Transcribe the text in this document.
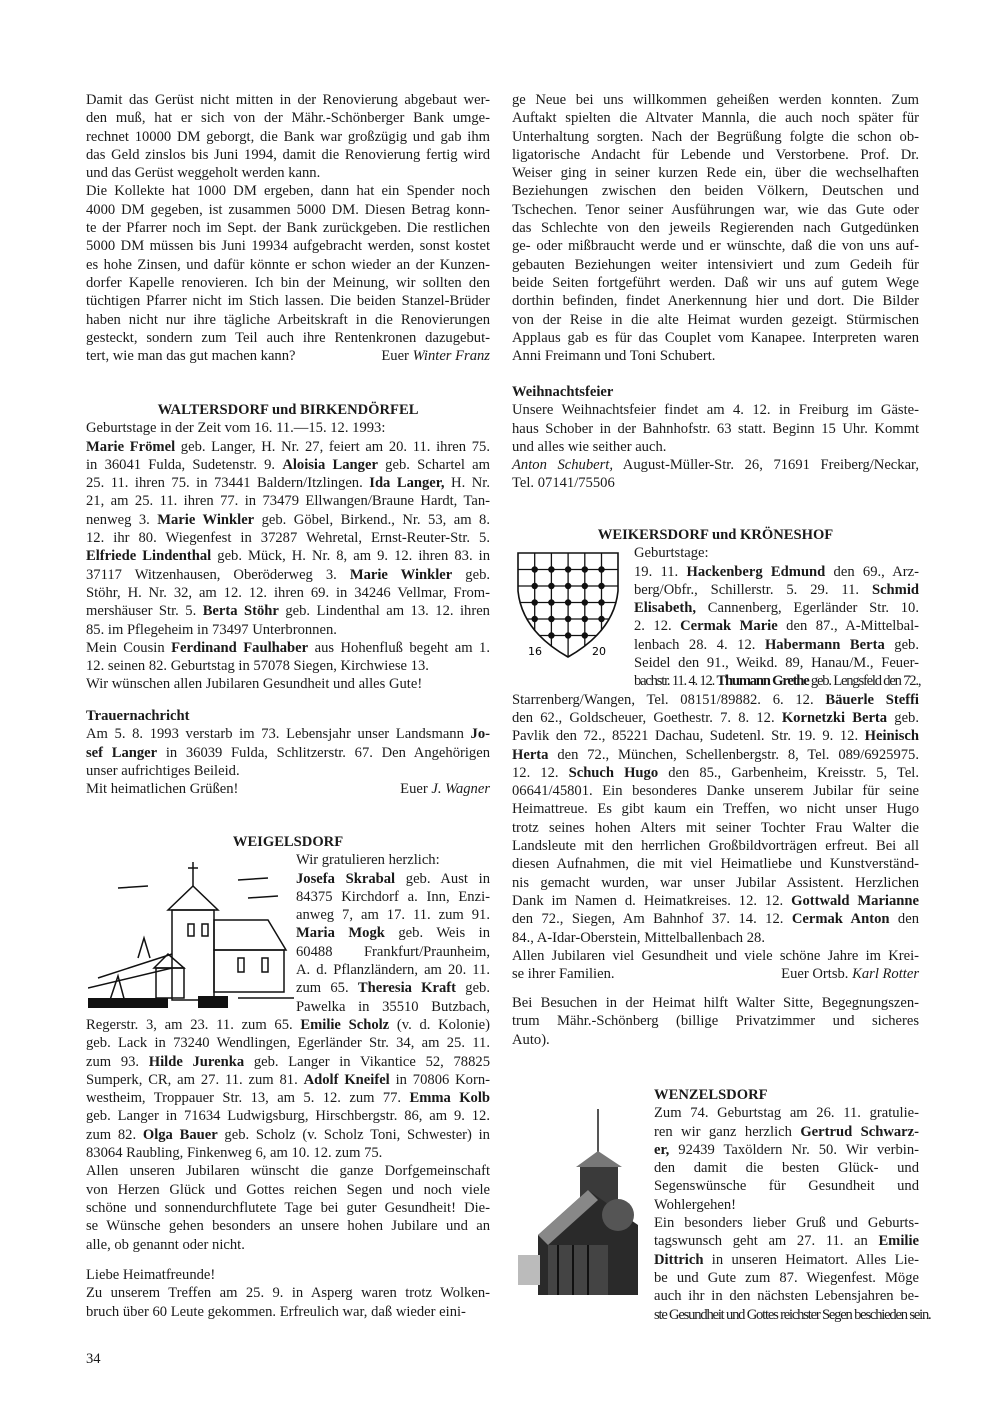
Damit das Gerüst nicht mitten in der Renovierung abgebaut wer-
den muß, hat er sich von der Mähr.-Schönberger Bank umge-
rechnet 10000 DM geborgt, die Bank war großzügig und gab ihm
das Geld zinslos bis Juni 1994, damit die Renovierung fertig wird
und das Gerüst weggeholt werden kann.
Die Kollekte hat 1000 DM ergeben, dann hat ein Spender noch
4000 DM gegeben, ist zusammen 5000 DM. Diesen Betrag konn-
te der Pfarrer noch im Sept. der Bank zurückgeben. Die restlichen
5000 DM müssen bis Juni 19934 aufgebracht werden, sonst kostet
es hohe Zinsen, und dafür könnte er schon wieder an der Kunzen-
dorfer Kapelle renovieren. Ich bin der Meinung, wir sollten den
tüchtigen Pfarrer nicht im Stich lassen. Die beiden Stanzel-Brüder
haben nicht nur ihre tägliche Arbeitskraft in die Renovierungen
gesteckt, sondern zum Teil auch ihre Rentenkronen dazugebut-
tert, wie man das gut machen kann?	Euer Winter Franz
WALTERSDORF und BIRKENDÖRFEL
Geburtstage in der Zeit vom 16. 11.—15. 12. 1993:
Marie Frömel geb. Langer, H. Nr. 27, feiert am 20. 11. ihren 75.
in 36041 Fulda, Sudetenstr. 9. Aloisia Langer geb. Schartel am
25. 11. ihren 75. in 73441 Baldern/Itzlingen. Ida Langer, H. Nr.
21, am 25. 11. ihren 77. in 73479 Ellwangen/Braune Hardt, Tan-
nenweg 3. Marie Winkler geb. Göbel, Birkend., Nr. 53, am 8.
12. ihr 80. Wiegenfest in 37287 Wehretal, Ernst-Reuter-Str. 5.
Elfriede Lindenthal geb. Mück, H. Nr. 8, am 9. 12. ihren 83. in
37117 Witzenhausen, Oberöderweg 3. Marie Winkler geb.
Stöhr, H. Nr. 32, am 12. 12. ihren 69. in 34246 Vellmar, From-
mershäuser Str. 5. Berta Stöhr geb. Lindenthal am 13. 12. ihren
85. im Pflegeheim in 73497 Unterbronnen.
Mein Cousin Ferdinand Faulhaber aus Hohenfluß begeht am 1.
12. seinen 82. Geburtstag in 57078 Siegen, Kirchwiese 13.
Wir wünschen allen Jubilaren Gesundheit und alles Gute!
Trauernachricht
Am 5. 8. 1993 verstarb im 73. Lebensjahr unser Landsmann Jo-
sef Langer in 36039 Fulda, Schlitzerstr. 67. Den Angehörigen
unser aufrichtiges Beileid.
Mit heimatlichen Grüßen!	Euer J. Wagner
WEIGELSDORF
Wir gratulieren herzlich:
Josefa Skrabal geb. Aust in
84375 Kirchdorf a. Inn, Enzi-
anweg 7, am 17. 11. zum 91.
Maria Mogk geb. Weis in
60488 Frankfurt/Praunheim,
A. d. Pflanzländern, am 20. 11.
zum 65. Theresia Kraft geb.
Pawelka in 35510 Butzbach,
Regerstr. 3, am 23. 11. zum 65. Emilie Scholz (v. d. Kolonie)
geb. Lack in 73240 Wendlingen, Egerländer Str. 34, am 25. 11.
zum 93. Hilde Jurenka geb. Langer in Vikantice 52, 78825
Sumperk, CR, am 27. 11. zum 81. Adolf Kneifel in 70806 Korn-
westheim, Troppauer Str. 13, am 5. 12. zum 77. Emma Kolb
geb. Langer in 71634 Ludwigsburg, Hirschbergstr. 86, am 9. 12.
zum 82. Olga Bauer geb. Scholz (v. Scholz Toni, Schwester) in
83064 Raubling, Finkenweg 6, am 10. 12. zum 75.
Allen unseren Jubilaren wünscht die ganze Dorfgemeinschaft
von Herzen Glück und Gottes reichen Segen und noch viele
schöne und sonnendurchflutete Tage bei guter Gesundheit! Die-
se Wünsche gehen besonders an unsere hohen Jubilare und an
alle, ob genannt oder nicht.
Liebe Heimatfreunde!
Zu unserem Treffen am 25. 9. in Asperg waren trotz Wolken-
bruch über 60 Leute gekommen. Erfreulich war, daß wieder eini-
34
ge Neue bei uns willkommen geheißen werden konnten. Zum
Auftakt spielten die Altvater Mannla, die auch noch später für
Unterhaltung sorgten. Nach der Begrüßung folgte die schon ob-
ligatorische Andacht für Lebende und Verstorbene. Prof. Dr.
Weiser ging in seiner kurzen Rede ein, über die wechselhaften
Beziehungen zwischen den beiden Völkern, Deutschen und
Tschechen. Tenor seiner Ausführungen war, wie das Gute oder
das Schlechte von den jeweils Regierenden nach Gutgedünken
ge- oder mißbraucht werde und er wünschte, daß die von uns auf-
gebauten Beziehungen weiter intensiviert und zum Gedeih für
beide Seiten fortgeführt werden. Daß wir uns auf gutem Wege
dorthin befinden, findet Anerkennung hier und dort. Die Bilder
von der Reise in die alte Heimat wurden gezeigt. Stürmischen
Applaus gab es für das Couplet vom Kanapee. Interpreten waren
Anni Freimann und Toni Schubert.
Weihnachtsfeier
Unsere Weihnachtsfeier findet am 4. 12. in Freiburg im Gäste-
haus Schober in der Bahnhofstr. 63 statt. Beginn 15 Uhr. Kommt
und alles wie seither auch.
Anton Schubert, August-Müller-Str. 26, 71691 Freiberg/Neckar,
Tel. 07141/75506
WEIKERSDORF und KRÖNESHOF
Geburtstage:
19. 11. Hackenberg Edmund den 69., Arz-
berg/Obfr., Schillerstr. 5. 29. 11. Schmid
Elisabeth, Cannenberg, Egerländer Str. 10.
2. 12. Cermak Marie den 87., A-Mittelbal-
lenbach 28. 4. 12. Habermann Berta geb.
Seidel den 91., Weikd. 89, Hanau/M., Feuer-
bachstr. 11. 4. 12. Thumann Grethe geb. Lengsfeld den 72.,
Starrenberg/Wangen, Tel. 08151/89882. 6. 12. Bäuerle Steffi
den 62., Goldscheuer, Goethestr. 7. 8. 12. Kornetzki Berta geb.
Pavlik den 72., 85221 Dachau, Sudetenl. Str. 19. 9. 12. Heinisch
Herta den 72., München, Schellenbergstr. 8, Tel. 089/6925975.
12. 12. Schuch Hugo den 85., Garbenheim, Kreisstr. 5, Tel.
06641/45801. Ein besonderes Danke unserem Jubilar für seine
Heimattreue. Es gibt kaum ein Treffen, wo nicht unser Hugo
trotz seines hohen Alters mit seiner Tochter Frau Walter die
Landsleute mit den herrlichen Großbildvorträgen erfreut. Bei all
diesen Aufnahmen, die mit viel Heimatliebe und Kunstverständ-
nis gemacht wurden, war unser Jubilar Assistent. Herzlichen
Dank im Namen d. Heimatkreises. 12. 12. Gottwald Marianne
den 72., Siegen, Am Bahnhof 37. 14. 12. Cermak Anton den
84., A-Idar-Oberstein, Mittelballenbach 28.
Allen Jubilaren viel Gesundheit und viele schöne Jahre im Krei-
se ihrer Familien.	Euer Ortsb. Karl Rotter
16	20
Bei Besuchen in der Heimat hilft Walter Sitte, Begegnungszen-
trum Mähr.-Schönberg (billige Privatzimmer und sicheres
Auto).
WENZELSDORF
Zum 74. Geburtstag am 26. 11. gratulie-
ren wir ganz herzlich Gertrud Schwarz-
er, 92439 Taxöldern Nr. 50. Wir verbin-
den damit die besten Glück- und
Segenswünsche für Gesundheit und
Wohlergehen!
Ein besonders lieber Gruß und Geburts-
tagswunsch geht am 27. 11. an Emilie
Dittrich in unseren Heimatort. Alles Lie-
be und Gute zum 87. Wiegenfest. Möge
auch ihr in den nächsten Lebensjahren be-
ste Gesundheit und Gottes reichster Segen beschieden sein.
